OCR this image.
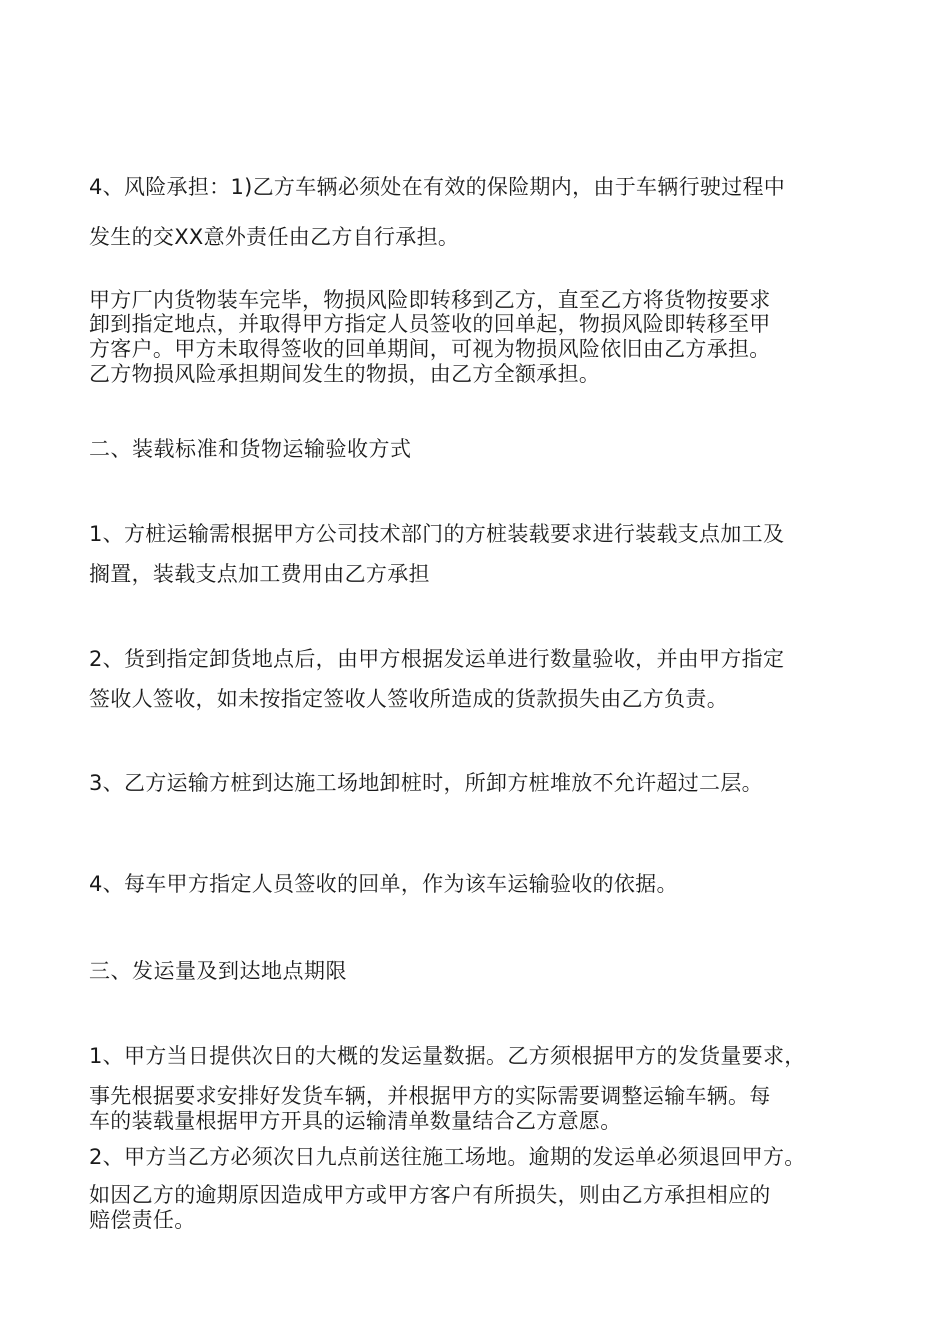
4、风险承担：1)乙方车辆必须处在有效的保险期内，由于车辆行驶过程中
发生的交XX意外责任由乙方自行承担。
甲方厂内货物装车完毕，物损风险即转移到乙方，直至乙方将货物按要求
卸到指定地点，并取得甲方指定人员签收的回单起，物损风险即转移至甲
方客户。甲方未取得签收的回单期间，可视为物损风险依旧由乙方承担。
乙方物损风险承担期间发生的物损，由乙方全额承担。
二、装载标准和货物运输验收方式
1、方桩运输需根据甲方公司技术部门的方桩装载要求进行装载支点加工及
搁置，装载支点加工费用由乙方承担
2、货到指定卸货地点后，由甲方根据发运单进行数量验收，并由甲方指定
签收人签收，如未按指定签收人签收所造成的货款损失由乙方负责。
3、乙方运输方桩到达施工场地卸桩时，所卸方桩堆放不允许超过二层。
4、每车甲方指定人员签收的回单，作为该车运输验收的依据。
三、发运量及到达地点期限
1、甲方当日提供次日的大概的发运量数据。乙方须根据甲方的发货量要求，
事先根据要求安排好发货车辆，并根据甲方的实际需要调整运输车辆。每
车的装载量根据甲方开具的运输清单数量结合乙方意愿。
2、甲方当乙方必须次日九点前送往施工场地。逾期的发运单必须退回甲方。
如因乙方的逾期原因造成甲方或甲方客户有所损失，则由乙方承担相应的
赔偿责任。
